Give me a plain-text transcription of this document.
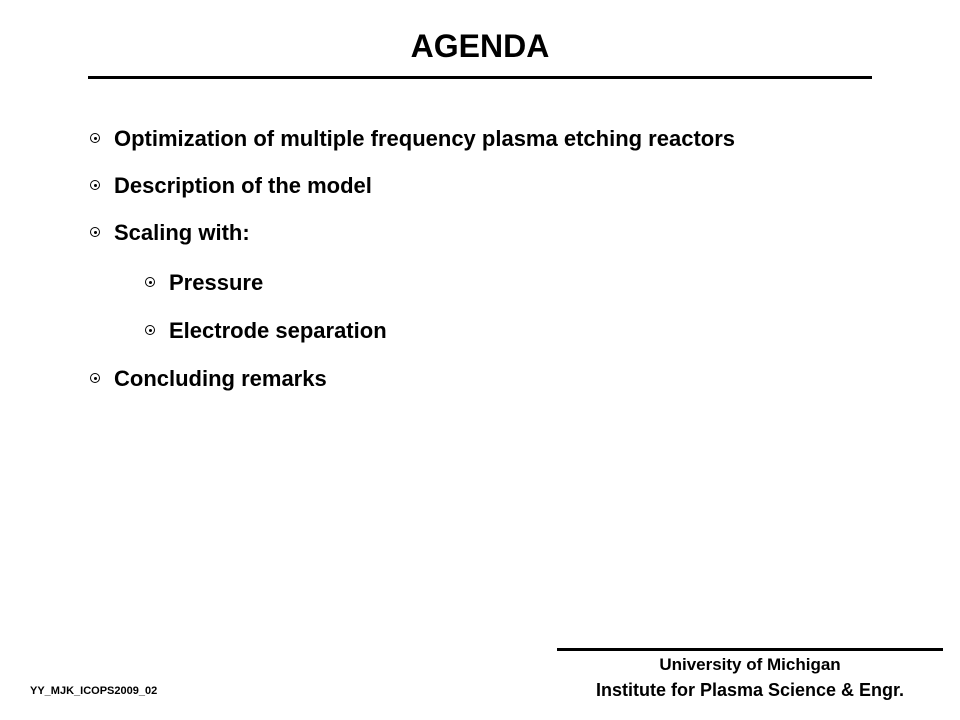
AGENDA
Optimization of multiple frequency plasma etching reactors
Description of the model
Scaling with:
Pressure
Electrode separation
Concluding remarks
University of Michigan
Institute for Plasma Science & Engr.
YY_MJK_ICOPS2009_02
